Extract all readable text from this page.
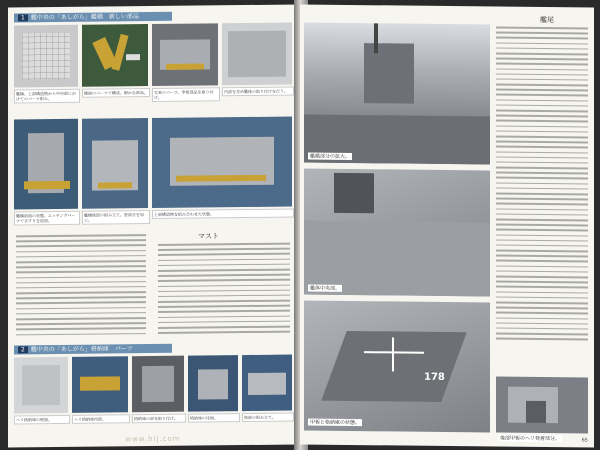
1 艦中央の「あしがら」艦橋　新しい部品
艦橋。上部構造物から中央部にかけてのパーツ組み。
側面のパーツで構成。細かな部品。	写真のパーツ。甲板部品を取り付け。
内部を含め艦体の取り付けを行う。
艦橋前面の状態。エッチングパーツで手すりを追加。
艦橋後部の組み立て。窓部分を加工。
上部構造物を組み合わせた状態。
マスト
2 艦中央の「あしがら」格納庫　パーツ
ヘリ格納庫の壁面。	ヘリ格納庫内部。	格納庫の扉を取り付け。	格納庫の床面。	後部の組み立て。
www.hlj.com
艦橋部分の拡大。
艦体中央部。
178
甲板と格納庫の状態。
艦尾
後部甲板のヘリ発着部分。	65
